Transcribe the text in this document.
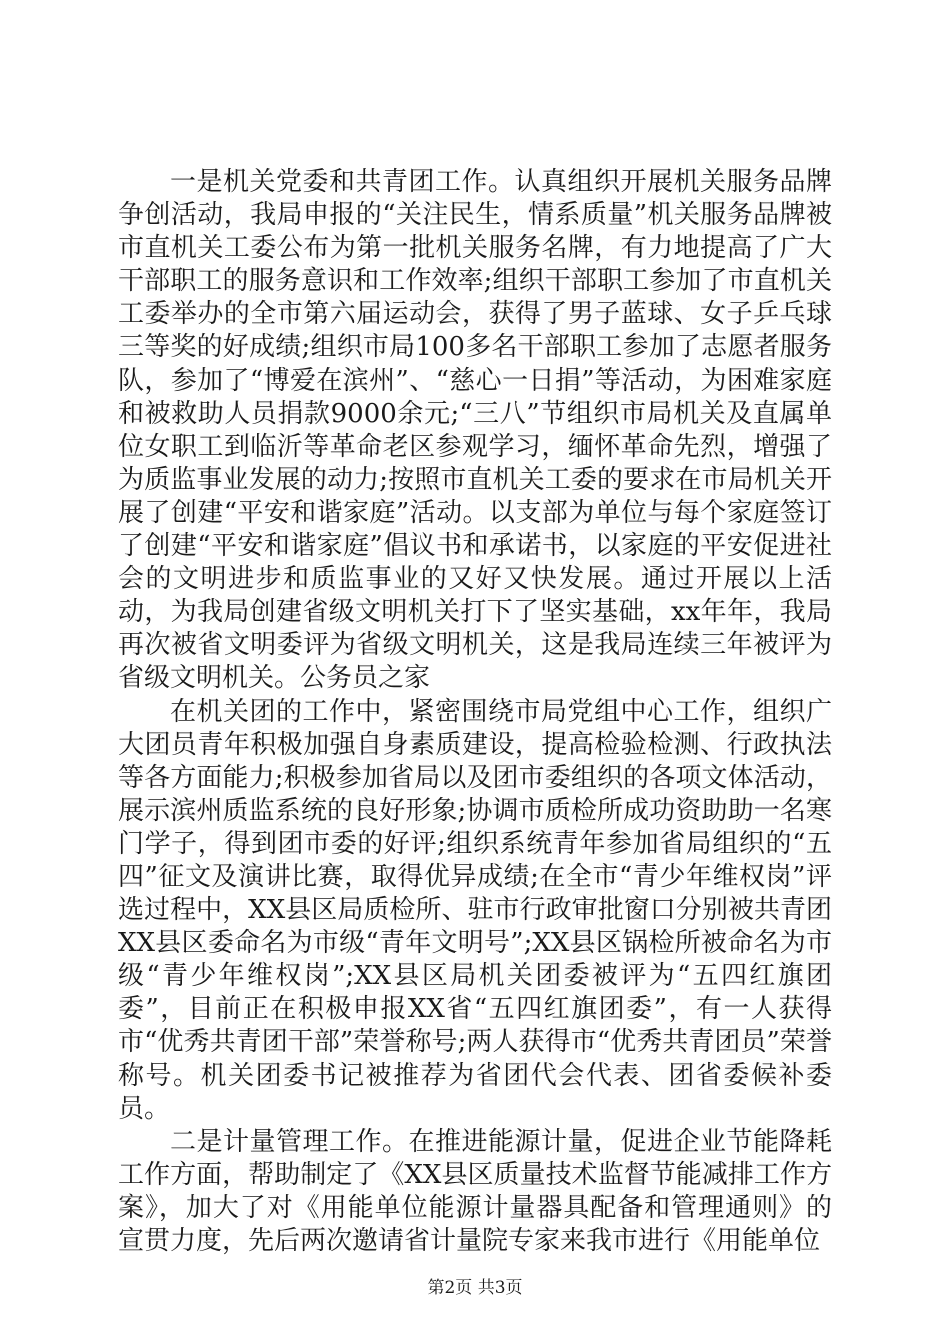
一是机关党委和共青团工作。认真组织开展机关服务品牌争创活动，我局申报的“关注民生，情系质量”机关服务品牌被市直机关工委公布为第一批机关服务名牌，有力地提高了广大干部职工的服务意识和工作效率;组织干部职工参加了市直机关工委举办的全市第六届运动会，获得了男子蓝球、女子乒乓球三等奖的好成绩;组织市局100多名干部职工参加了志愿者服务队，参加了“博爱在滨州”、“慈心一日捐”等活动，为困难家庭和被救助人员捐款9000余元;“三八”节组织市局机关及直属单位女职工到临沂等革命老区参观学习，缅怀革命先烈，增强了为质监事业发展的动力;按照市直机关工委的要求在市局机关开展了创建“平安和谐家庭”活动。以支部为单位与每个家庭签订了创建“平安和谐家庭”倡议书和承诺书，以家庭的平安促进社会的文明进步和质监事业的又好又快发展。通过开展以上活动，为我局创建省级文明机关打下了坚实基础，xx年年，我局再次被省文明委评为省级文明机关，这是我局连续三年被评为省级文明机关。公务员之家

在机关团的工作中，紧密围绕市局党组中心工作，组织广大团员青年积极加强自身素质建设，提高检验检测、行政执法等各方面能力;积极参加省局以及团市委组织的各项文体活动，展示滨州质监系统的良好形象;协调市质检所成功资助助一名寒门学子，得到团市委的好评;组织系统青年参加省局组织的“五四”征文及演讲比赛，取得优异成绩;在全市“青少年维权岗”评选过程中，XX县区局质检所、驻市行政审批窗口分别被共青团XX县区委命名为市级“青年文明号”;XX县区锅检所被命名为市级“青少年维权岗”;XX县区局机关团委被评为“五四红旗团委”，目前正在积极申报XX省“五四红旗团委”，有一人获得市“优秀共青团干部”荣誉称号;两人获得市“优秀共青团员”荣誉称号。机关团委书记被推荐为省团代会代表、团省委候补委员。

二是计量管理工作。在推进能源计量，促进企业节能降耗工作方面，帮助制定了《XX县区质量技术监督节能减排工作方案》，加大了对《用能单位能源计量器具配备和管理通则》的宣贯力度，先后两次邀请省计量院专家来我市进行《用能单位

第2页 共3页
